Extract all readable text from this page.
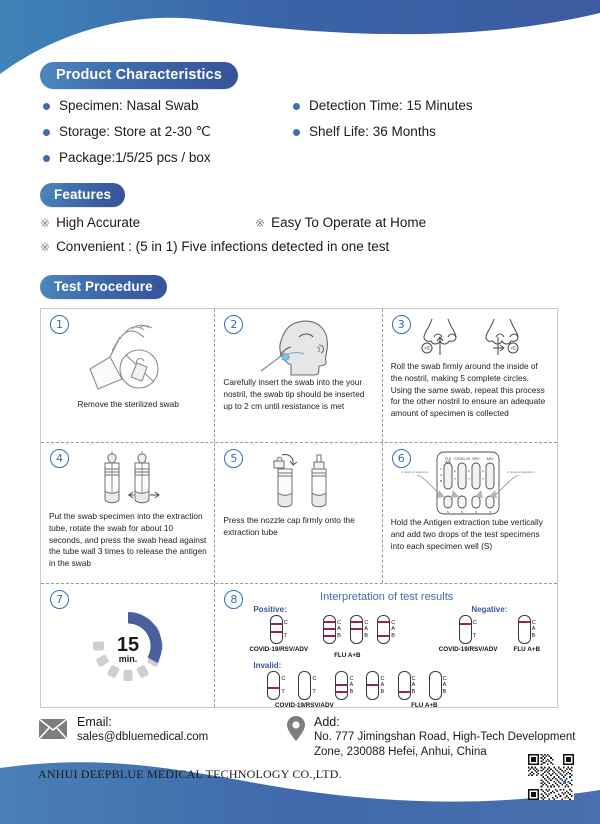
Product Characteristics
Specimen: Nasal Swab	Detection Time: 15 Minutes
Storage: Store at 2-30 ℃	Shelf Life: 36 Months
Package:1/5/25 pcs / box
Features
※ High Accurate	※ Easy To Operate at Home
※ Convenient : (5 in 1) Five infections detected in one test
Test Procedure
1
Remove the sterilized swab
2
Carefully insert the swab into the your nostril, the swab tip should be inserted up to 2 cm until resistance is met
3
×5	×5
Roll the swab firmly around the inside of the nostril, making 5 complete circles. Using the same swab, repeat this process for the other nostril to ensure an adequate amount of specimen is collected
4
Put the swab specimen into the extraction tube, rotate the swab for about 10 seconds, and press the swab head against the tube wall 3 times to release the antigen in the swab
5
Press the nozzle cap firmly onto the extraction tube
6	FLU
A/B
COVID-19 RSV ADV
C
A
B
C
T
C
T
C
T
S	S	S	S
2 drops of specimen	2 drops of specimen
Hold the Antigen extraction tube vertically and add two drops of the test specimens into each specimen well (S)
7
15
min.
8	Interpretation of test results
Positive:
C
T
COVID-19/RSV/ADV
C
A
B
C
A
B
C
A
B
FLU A+B
Negative:
C
T
COVID-19/RSV/ADV
C
A
B
FLU A+B
Invalid:
C
T
C
T
C
A
B
C
A
B
C
A
B
C
A
B
COVID-19/RSV/ADV	FLU A+B
Email:
sales@dbluemedical.com
Add:
No. 777 Jimingshan Road, High-Tech Development
Zone, 230088 Hefei, Anhui, China
ANHUI DEEPBLUE MEDICAL TECHNOLOGY CO.,LTD.
